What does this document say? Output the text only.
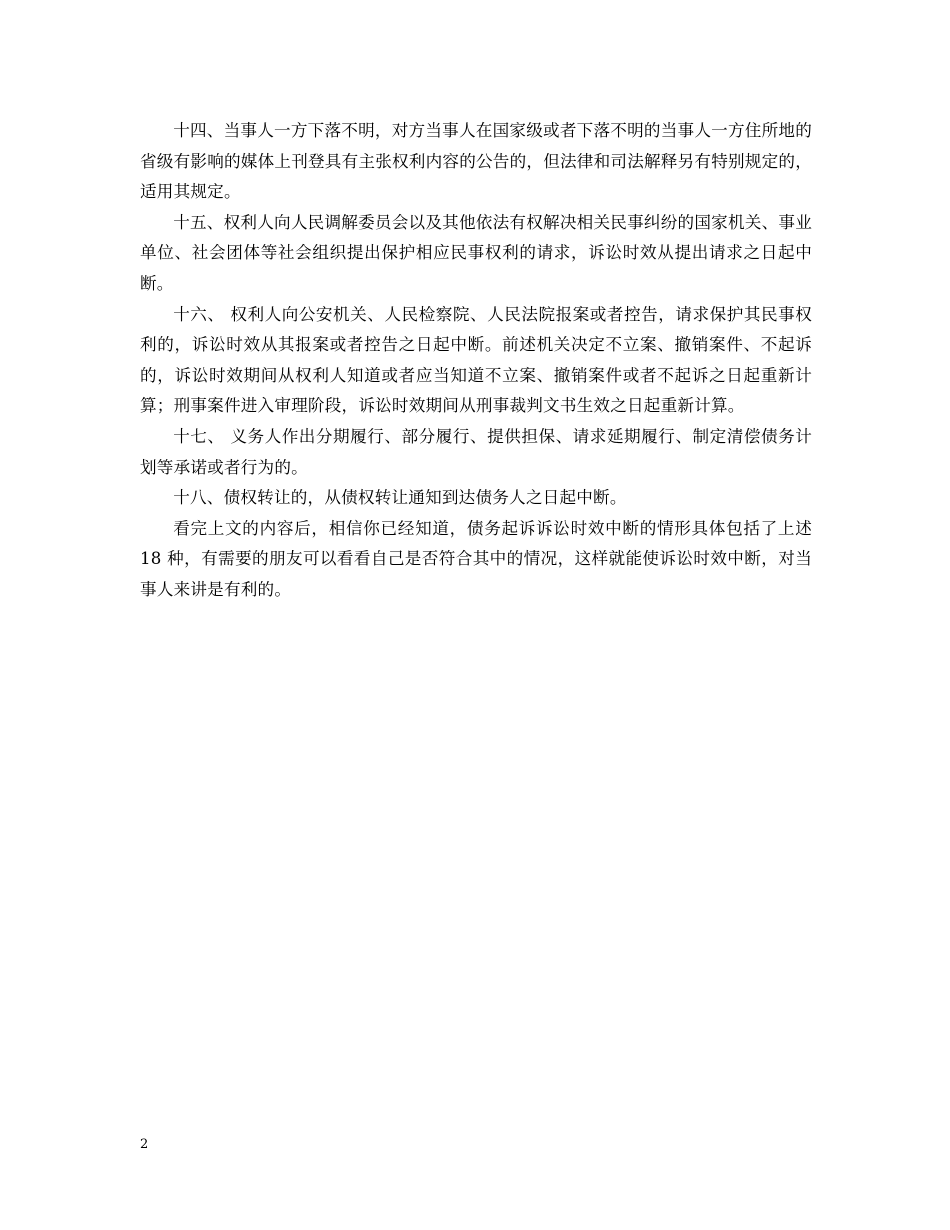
十四、当事人一方下落不明，对方当事人在国家级或者下落不明的当事人一方住所地的省级有影响的媒体上刊登具有主张权利内容的公告的，但法律和司法解释另有特别规定的，适用其规定。

十五、权利人向人民调解委员会以及其他依法有权解决相关民事纠纷的国家机关、事业单位、社会团体等社会组织提出保护相应民事权利的请求，诉讼时效从提出请求之日起中断。

十六、 权利人向公安机关、人民检察院、人民法院报案或者控告，请求保护其民事权利的，诉讼时效从其报案或者控告之日起中断。前述机关决定不立案、撤销案件、不起诉的，诉讼时效期间从权利人知道或者应当知道不立案、撤销案件或者不起诉之日起重新计算；刑事案件进入审理阶段，诉讼时效期间从刑事裁判文书生效之日起重新计算。

十七、 义务人作出分期履行、部分履行、提供担保、请求延期履行、制定清偿债务计划等承诺或者行为的。

十八、债权转让的，从债权转让通知到达债务人之日起中断。

看完上文的内容后，相信你已经知道，债务起诉诉讼时效中断的情形具体包括了上述 18 种，有需要的朋友可以看看自己是否符合其中的情况，这样就能使诉讼时效中断，对当事人来讲是有利的。

2
